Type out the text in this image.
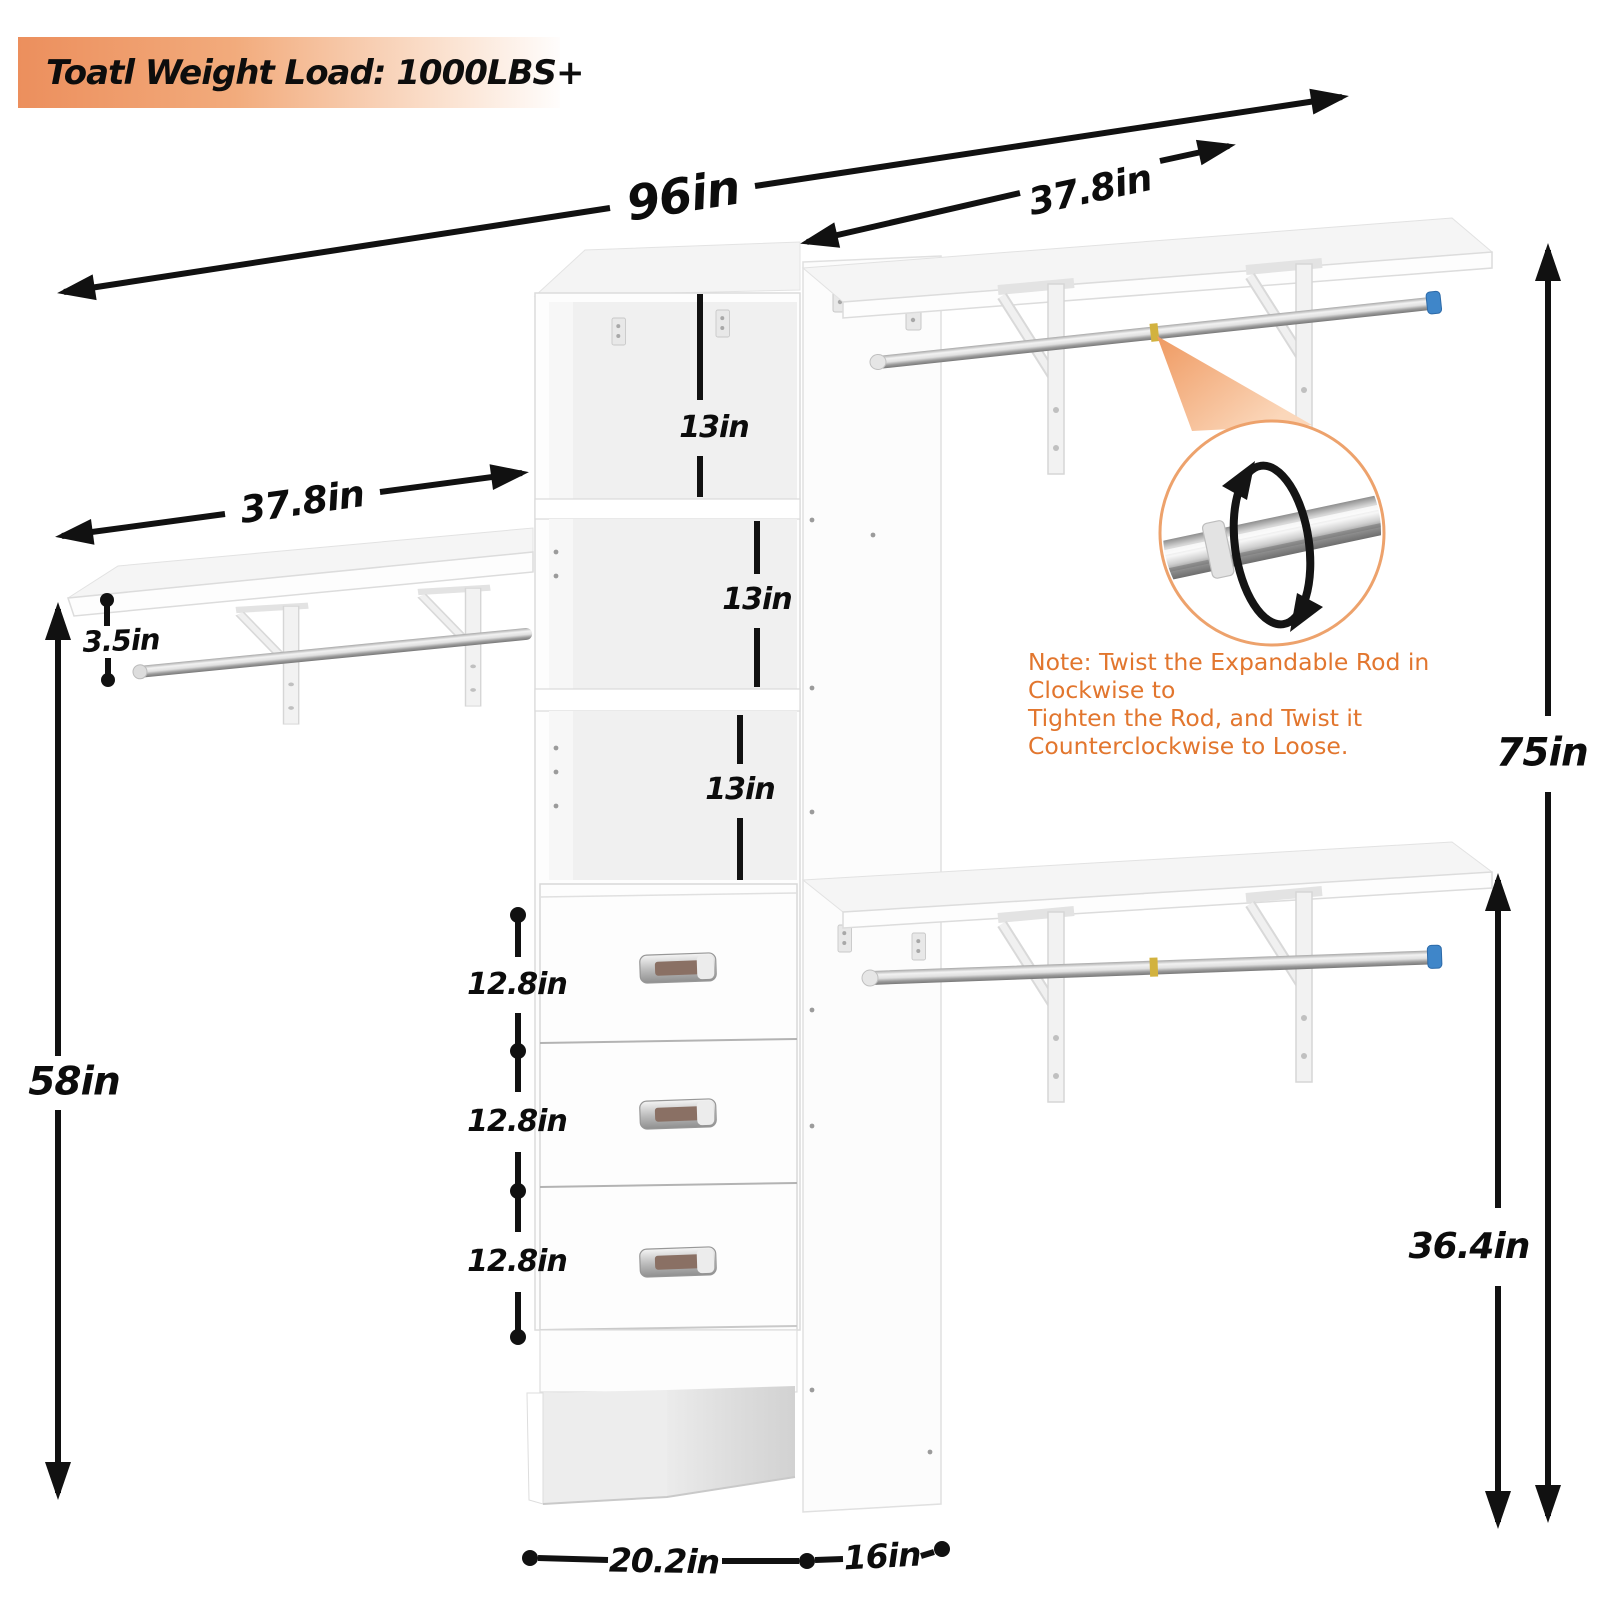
Toatl Weight Load: 1000LBS+
96in	37.8in
37.8in
3.5in
58in
75in
36.4in
13in
13in
13in
12.8in
12.8in
12.8in
20.2in	16in
Note: Twist the Expandable Rod in Clockwise to
Tighten the Rod, and Twist it Counterclockwise to Loose.
